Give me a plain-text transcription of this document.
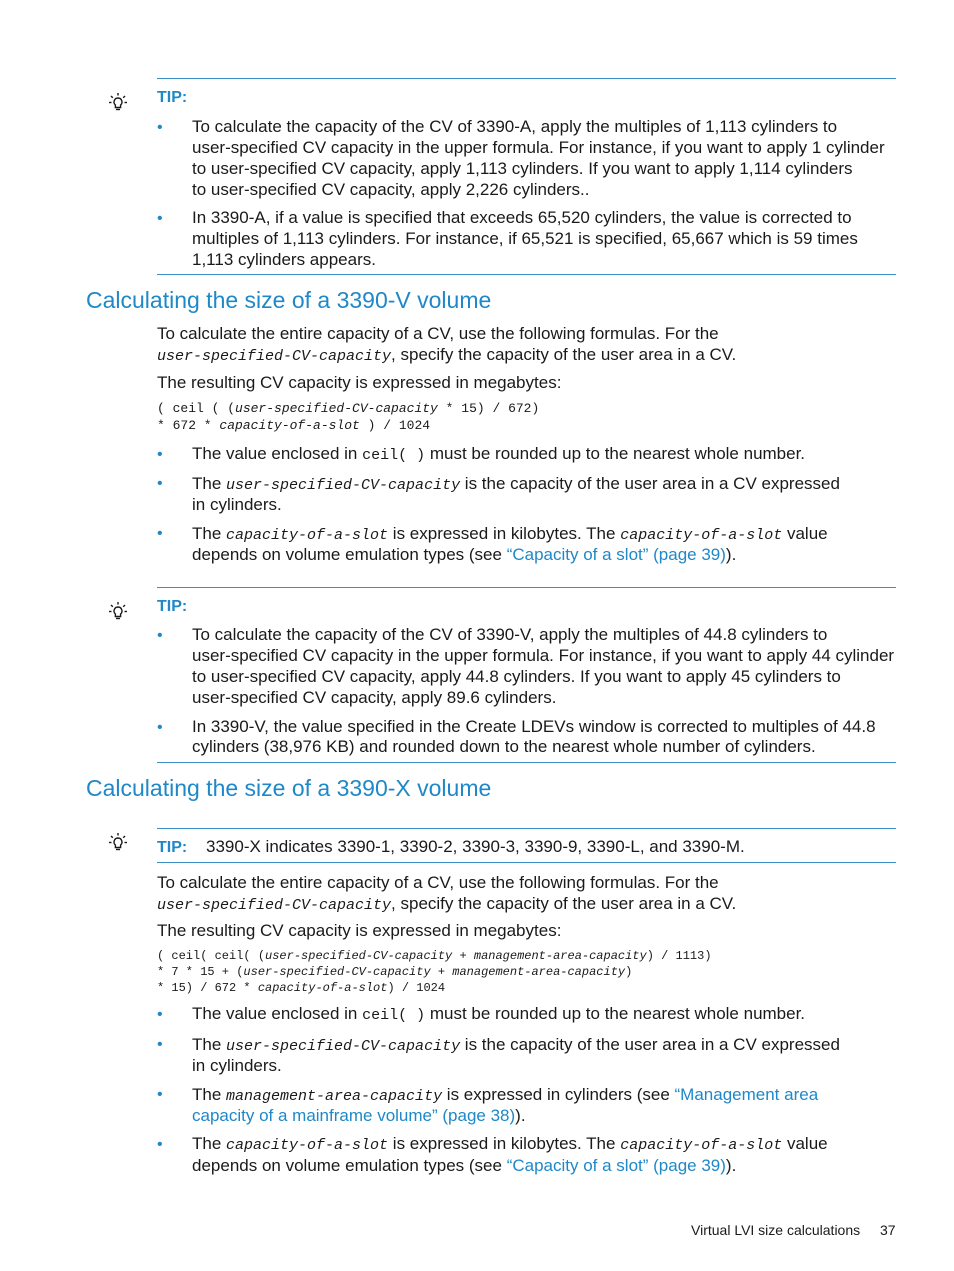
TIP:
• To calculate the capacity of the CV of 3390-A, apply the multiples of 1,113 cylinders to
user-specified CV capacity in the upper formula. For instance, if you want to apply 1 cylinder
to user-specified CV capacity, apply 1,113 cylinders. If you want to apply 1,114 cylinders
to user-specified CV capacity, apply 2,226 cylinders..
• In 3390-A, if a value is specified that exceeds 65,520 cylinders, the value is corrected to
multiples of 1,113 cylinders. For instance, if 65,521 is specified, 65,667 which is 59 times
1,113 cylinders appears.
Calculating the size of a 3390-V volume
To calculate the entire capacity of a CV, use the following formulas. For the
user-specified-CV-capacity, specify the capacity of the user area in a CV.
The resulting CV capacity is expressed in megabytes:
( ceil ( (user-specified-CV-capacity * 15) / 672)
* 672 * capacity-of-a-slot ) / 1024
• The value enclosed in ceil( ) must be rounded up to the nearest whole number.
• The user-specified-CV-capacity is the capacity of the user area in a CV expressed
in cylinders.
• The capacity-of-a-slot is expressed in kilobytes. The capacity-of-a-slot value
depends on volume emulation types (see “Capacity of a slot” (page 39)).
TIP:
• To calculate the capacity of the CV of 3390-V, apply the multiples of 44.8 cylinders to
user-specified CV capacity in the upper formula. For instance, if you want to apply 44 cylinder
to user-specified CV capacity, apply 44.8 cylinders. If you want to apply 45 cylinders to
user-specified CV capacity, apply 89.6 cylinders.
• In 3390-V, the value specified in the Create LDEVs window is corrected to multiples of 44.8
cylinders (38,976 KB) and rounded down to the nearest whole number of cylinders.
Calculating the size of a 3390-X volume
TIP: 3390-X indicates 3390-1, 3390-2, 3390-3, 3390-9, 3390-L, and 3390-M.
To calculate the entire capacity of a CV, use the following formulas. For the
user-specified-CV-capacity, specify the capacity of the user area in a CV.
The resulting CV capacity is expressed in megabytes:
( ceil( ceil( (user-specified-CV-capacity + management-area-capacity) / 1113)
* 7 * 15 + (user-specified-CV-capacity + management-area-capacity)
* 15) / 672 * capacity-of-a-slot) / 1024
• The value enclosed in ceil( ) must be rounded up to the nearest whole number.
• The user-specified-CV-capacity is the capacity of the user area in a CV expressed
in cylinders.
• The management-area-capacity is expressed in cylinders (see “Management area
capacity of a mainframe volume” (page 38)).
• The capacity-of-a-slot is expressed in kilobytes. The capacity-of-a-slot value
depends on volume emulation types (see “Capacity of a slot” (page 39)).
Virtual LVI size calculations 37
